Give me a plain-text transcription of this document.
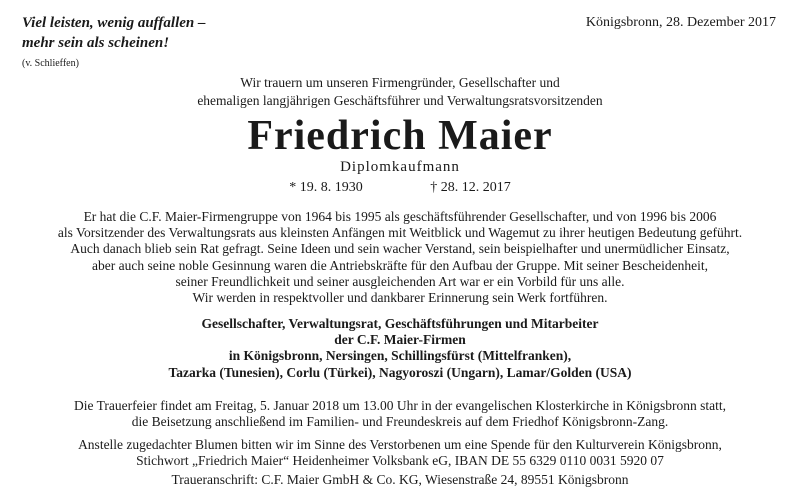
Viel leisten, wenig auffallen –
mehr sein als scheinen!
(v. Schlieffen)
Königsbronn, 28. Dezember 2017
Wir trauern um unseren Firmengründer, Gesellschafter und
ehemaligen langjährigen Geschäftsführer und Verwaltungsratsvorsitzenden
Friedrich Maier
Diplomkaufmann
* 19. 8. 1930	† 28. 12. 2017
Er hat die C.F. Maier-Firmengruppe von 1964 bis 1995 als geschäftsführender Gesellschafter, und von 1996 bis 2006
als Vorsitzender des Verwaltungsrats aus kleinsten Anfängen mit Weitblick und Wagemut zu ihrer heutigen Bedeutung geführt.
Auch danach blieb sein Rat gefragt. Seine Ideen und sein wacher Verstand, sein beispielhafter und unermüdlicher Einsatz,
aber auch seine noble Gesinnung waren die Antriebskräfte für den Aufbau der Gruppe. Mit seiner Bescheidenheit,
seiner Freundlichkeit und seiner ausgleichenden Art war er ein Vorbild für uns alle.
Wir werden in respektvoller und dankbarer Erinnerung sein Werk fortführen.
Gesellschafter, Verwaltungsrat, Geschäftsführungen und Mitarbeiter
der C.F. Maier-Firmen
in Königsbronn, Nersingen, Schillingsfürst (Mittelfranken),
Tazarka (Tunesien), Corlu (Türkei), Nagyoroszi (Ungarn), Lamar/Golden (USA)
Die Trauerfeier findet am Freitag, 5. Januar 2018 um 13.00 Uhr in der evangelischen Klosterkirche in Königsbronn statt,
die Beisetzung anschließend im Familien- und Freundeskreis auf dem Friedhof Königsbronn-Zang.
Anstelle zugedachter Blumen bitten wir im Sinne des Verstorbenen um eine Spende für den Kulturverein Königsbronn,
Stichwort „Friedrich Maier“ Heidenheimer Volksbank eG, IBAN DE 55 6329 0110 0031 5920 07
Traueranschrift: C.F. Maier GmbH & Co. KG, Wiesenstraße 24, 89551 Königsbronn
